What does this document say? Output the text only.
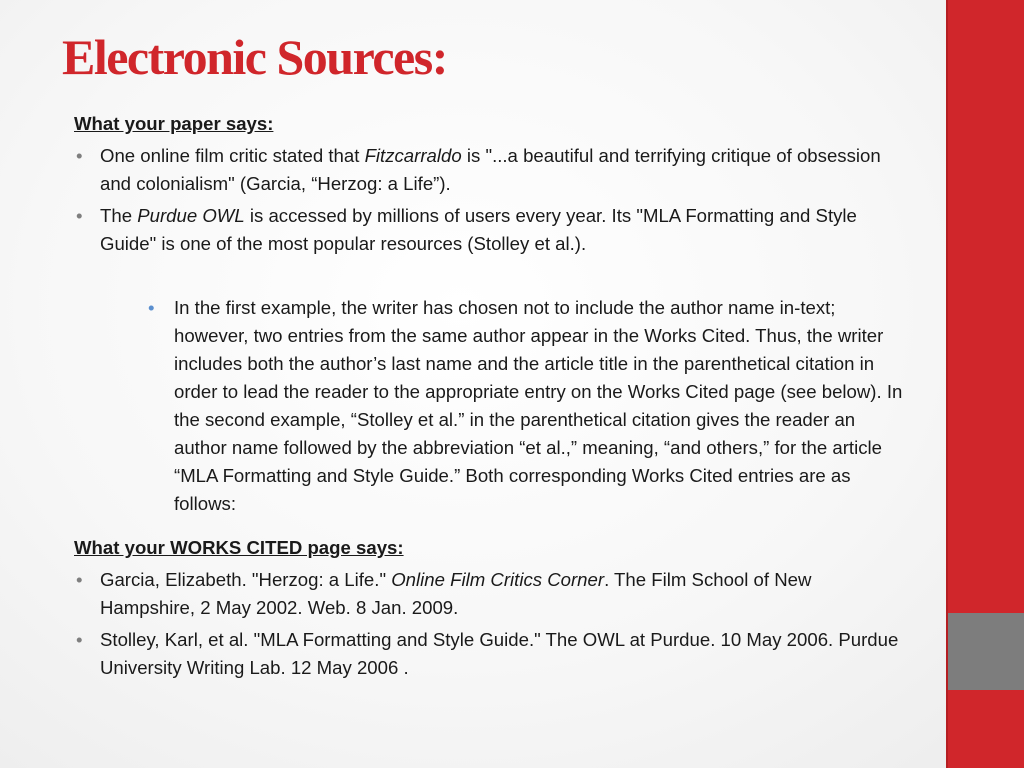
Electronic Sources:

What your paper says:

• One online film critic stated that Fitzcarraldo is "...a beautiful and terrifying critique of obsession and colonialism" (Garcia, “Herzog: a Life”).
• The Purdue OWL is accessed by millions of users every year. Its "MLA Formatting and Style Guide" is one of the most popular resources (Stolley et al.).
• In the first example, the writer has chosen not to include the author name in-text; however, two entries from the same author appear in the Works Cited. Thus, the writer includes both the author’s last name and the article title in the parenthetical citation in order to lead the reader to the appropriate entry on the Works Cited page (see below). In the second example, “Stolley et al.” in the parenthetical citation gives the reader an author name followed by the abbreviation “et al.,” meaning, “and others,” for the article “MLA Formatting and Style Guide.” Both corresponding Works Cited entries are as follows:

What your WORKS CITED page says:

• Garcia, Elizabeth. "Herzog: a Life." Online Film Critics Corner. The Film School of New Hampshire, 2 May 2002. Web. 8 Jan. 2009.
• Stolley, Karl, et al. "MLA Formatting and Style Guide." The OWL at Purdue. 10 May 2006. Purdue University Writing Lab. 12 May 2006 .
